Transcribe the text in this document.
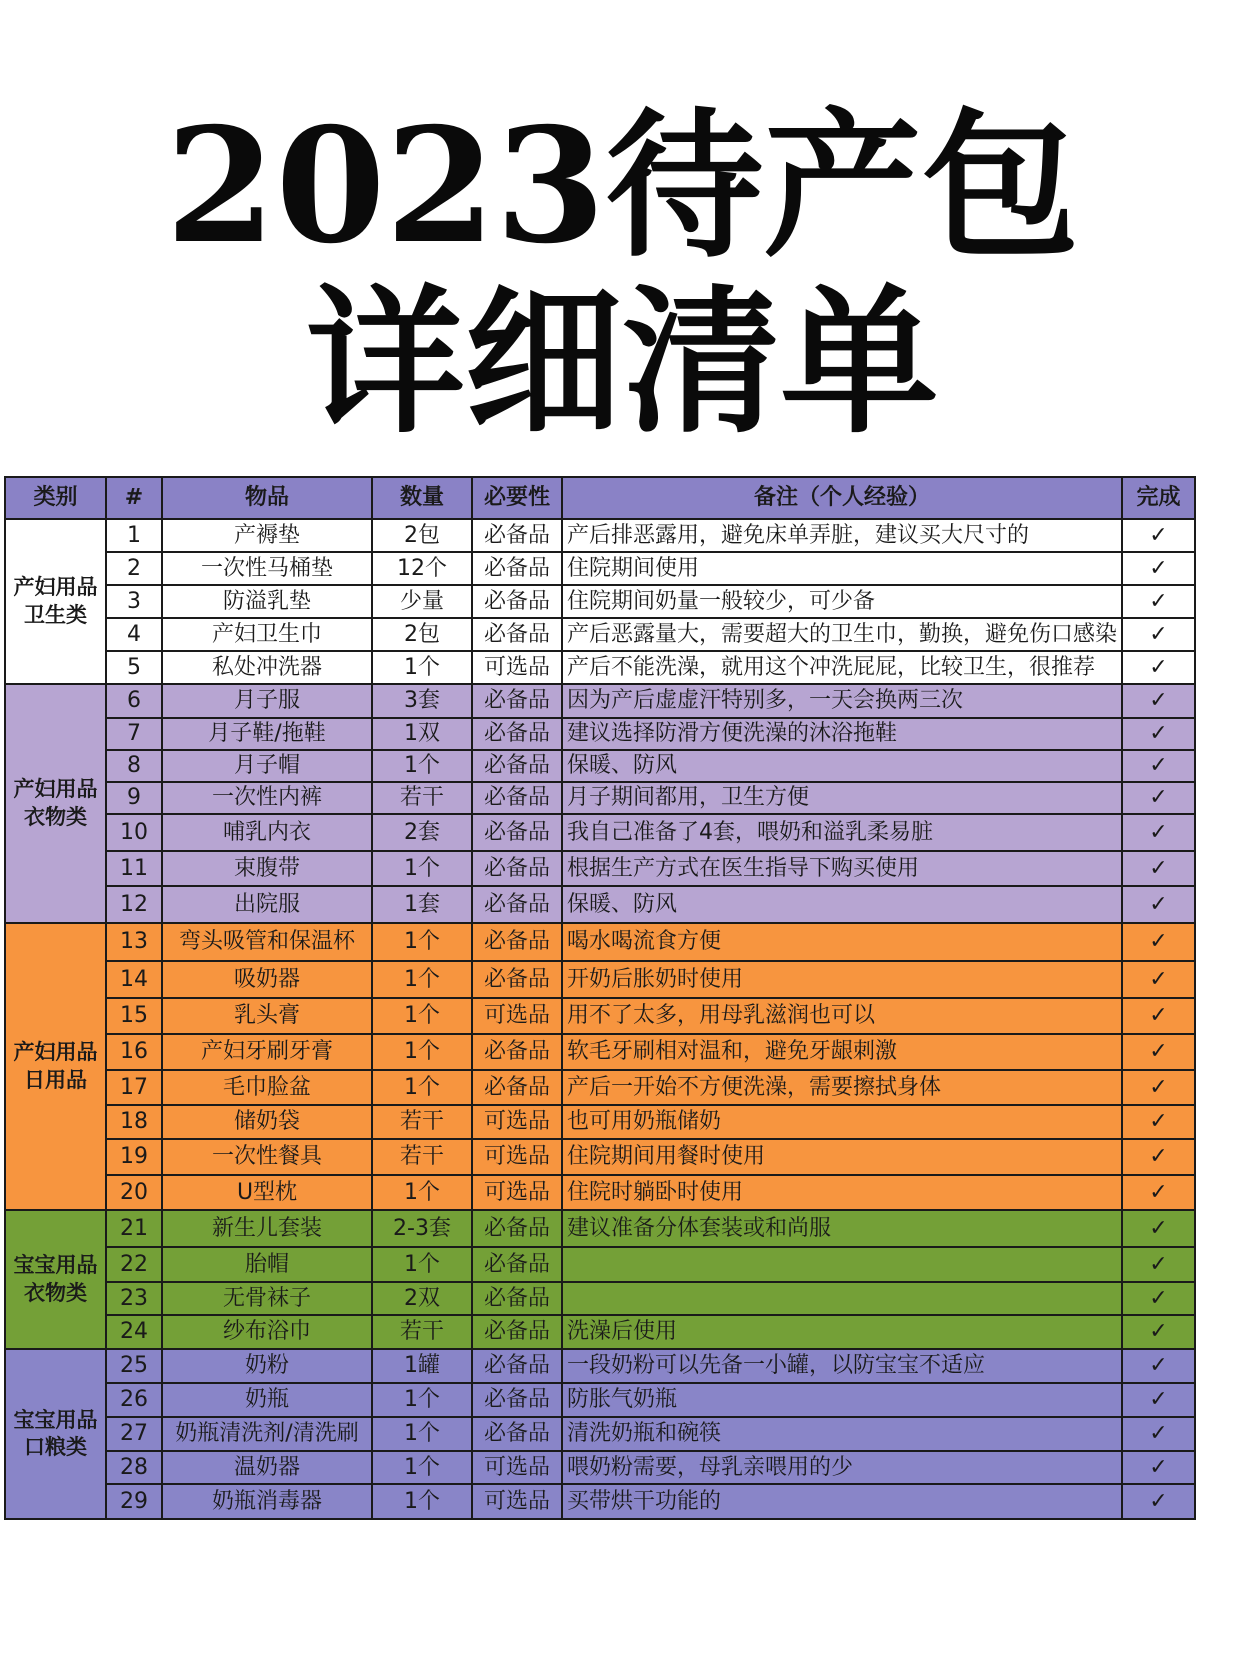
2023待产包
详细清单
类别	#	物品	数量	必要性	备注（个人经验）	完成
产妇用品
卫生类	1	产褥垫	2包	必备品	产后排恶露用，避免床单弄脏，建议买大尺寸的	✓
	2	一次性马桶垫	12个	必备品	住院期间使用	✓
	3	防溢乳垫	少量	必备品	住院期间奶量一般较少，可少备	✓
	4	产妇卫生巾	2包	必备品	产后恶露量大，需要超大的卫生巾，勤换，避免伤口感染	✓
	5	私处冲洗器	1个	可选品	产后不能洗澡，就用这个冲洗屁屁，比较卫生，很推荐	✓
产妇用品
衣物类	6	月子服	3套	必备品	因为产后虚虚汗特别多，一天会换两三次	✓
	7	月子鞋/拖鞋	1双	必备品	建议选择防滑方便洗澡的沐浴拖鞋	✓
	8	月子帽	1个	必备品	保暖、防风	✓
	9	一次性内裤	若干	必备品	月子期间都用，卫生方便	✓
	10	哺乳内衣	2套	必备品	我自己准备了4套，喂奶和溢乳柔易脏	✓
	11	束腹带	1个	必备品	根据生产方式在医生指导下购买使用	✓
	12	出院服	1套	必备品	保暖、防风	✓
产妇用品
日用品	13	弯头吸管和保温杯	1个	必备品	喝水喝流食方便	✓
	14	吸奶器	1个	必备品	开奶后胀奶时使用	✓
	15	乳头膏	1个	可选品	用不了太多，用母乳滋润也可以	✓
	16	产妇牙刷牙膏	1个	必备品	软毛牙刷相对温和，避免牙龈刺激	✓
	17	毛巾脸盆	1个	必备品	产后一开始不方便洗澡，需要擦拭身体	✓
	18	储奶袋	若干	可选品	也可用奶瓶储奶	✓
	19	一次性餐具	若干	可选品	住院期间用餐时使用	✓
	20	U型枕	1个	可选品	住院时躺卧时使用	✓
宝宝用品
衣物类	21	新生儿套装	2-3套	必备品	建议准备分体套装或和尚服	✓
	22	胎帽	1个	必备品		✓
	23	无骨袜子	2双	必备品		✓
	24	纱布浴巾	若干	必备品	洗澡后使用	✓
宝宝用品
口粮类	25	奶粉	1罐	必备品	一段奶粉可以先备一小罐，以防宝宝不适应	✓
	26	奶瓶	1个	必备品	防胀气奶瓶	✓
	27	奶瓶清洗剂/清洗刷	1个	必备品	清洗奶瓶和碗筷	✓
	28	温奶器	1个	可选品	喂奶粉需要，母乳亲喂用的少	✓
	29	奶瓶消毒器	1个	可选品	买带烘干功能的	✓
